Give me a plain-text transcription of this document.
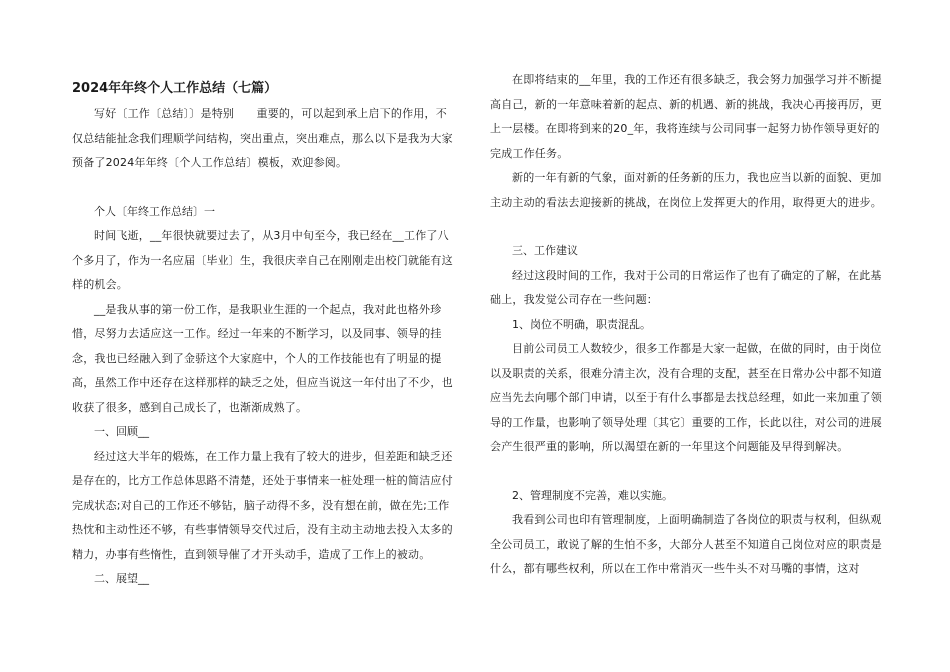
2024年年终个人工作总结（七篇）

写好〔工作〔总结〕〕是特别　　重要的，可以起到承上启下的作用，不仅总结能扯念我们理顺学问结构，突出重点，突出难点，那么以下是我为大家预备了2024年年终〔个人工作总结〕模板，欢迎参阅。

个人〔年终工作总结〕一

时间飞逝，__年很快就要过去了，从3月中旬至今，我已经在__工作了八个多月了，作为一名应届〔毕业〕生，我很庆幸自己在刚刚走出校门就能有这样的机会。

__是我从事的第一份工作，是我职业生涯的一个起点，我对此也格外珍惜，尽努力去适应这一工作。经过一年来的不断学习，以及同事、领导的挂念，我也已经融入到了金骄这个大家庭中，个人的工作技能也有了明显的提高，虽然工作中还存在这样那样的缺乏之处，但应当说这一年付出了不少，也收获了很多，感到自己成长了，也渐渐成熟了。

一、回顾__

经过这大半年的煅炼，在工作力量上我有了较大的进步，但差距和缺乏还是存在的，比方工作总体思路不清楚，还处于事情来一桩处理一桩的简洁应付完成状态;对自己的工作还不够钻，脑子动得不多，没有想在前，做在先;工作热忱和主动性还不够，有些事情领导交代过后，没有主动主动地去投入太多的精力，办事有些惰性，直到领导催了才开头动手，造成了工作上的被动。

二、展望__

在即将结束的__年里，我的工作还有很多缺乏，我会努力加强学习并不断提高自己，新的一年意味着新的起点、新的机遇、新的挑战，我决心再接再厉，更上一层楼。在即将到来的20_年，我将连续与公司同事一起努力协作领导更好的完成工作任务。

新的一年有新的气象，面对新的任务新的压力，我也应当以新的面貌、更加主动主动的看法去迎接新的挑战，在岗位上发挥更大的作用，取得更大的进步。

三、工作建议

经过这段时间的工作，我对于公司的日常运作了也有了确定的了解，在此基础上，我发觉公司存在一些问题：

1、岗位不明确，职责混乱。

目前公司员工人数较少，很多工作都是大家一起做，在做的同时，由于岗位以及职责的关系，很难分清主次，没有合理的支配，甚至在日常办公中都不知道应当先去向哪个部门申请，以至于有什么事都是去找总经理，如此一来加重了领导的工作量，也影响了领导处理〔其它〕重要的工作，长此以往，对公司的进展会产生很严重的影响，所以渴望在新的一年里这个问题能及早得到解决。

2、管理制度不完善，难以实施。

我看到公司也印有管理制度，上面明确制造了各岗位的职责与权利，但纵观全公司员工，敢说了解的生怕不多，大部分人甚至不知道自己岗位对应的职责是什么，都有哪些权利，所以在工作中常消灭一些牛头不对马嘴的事情，这对
